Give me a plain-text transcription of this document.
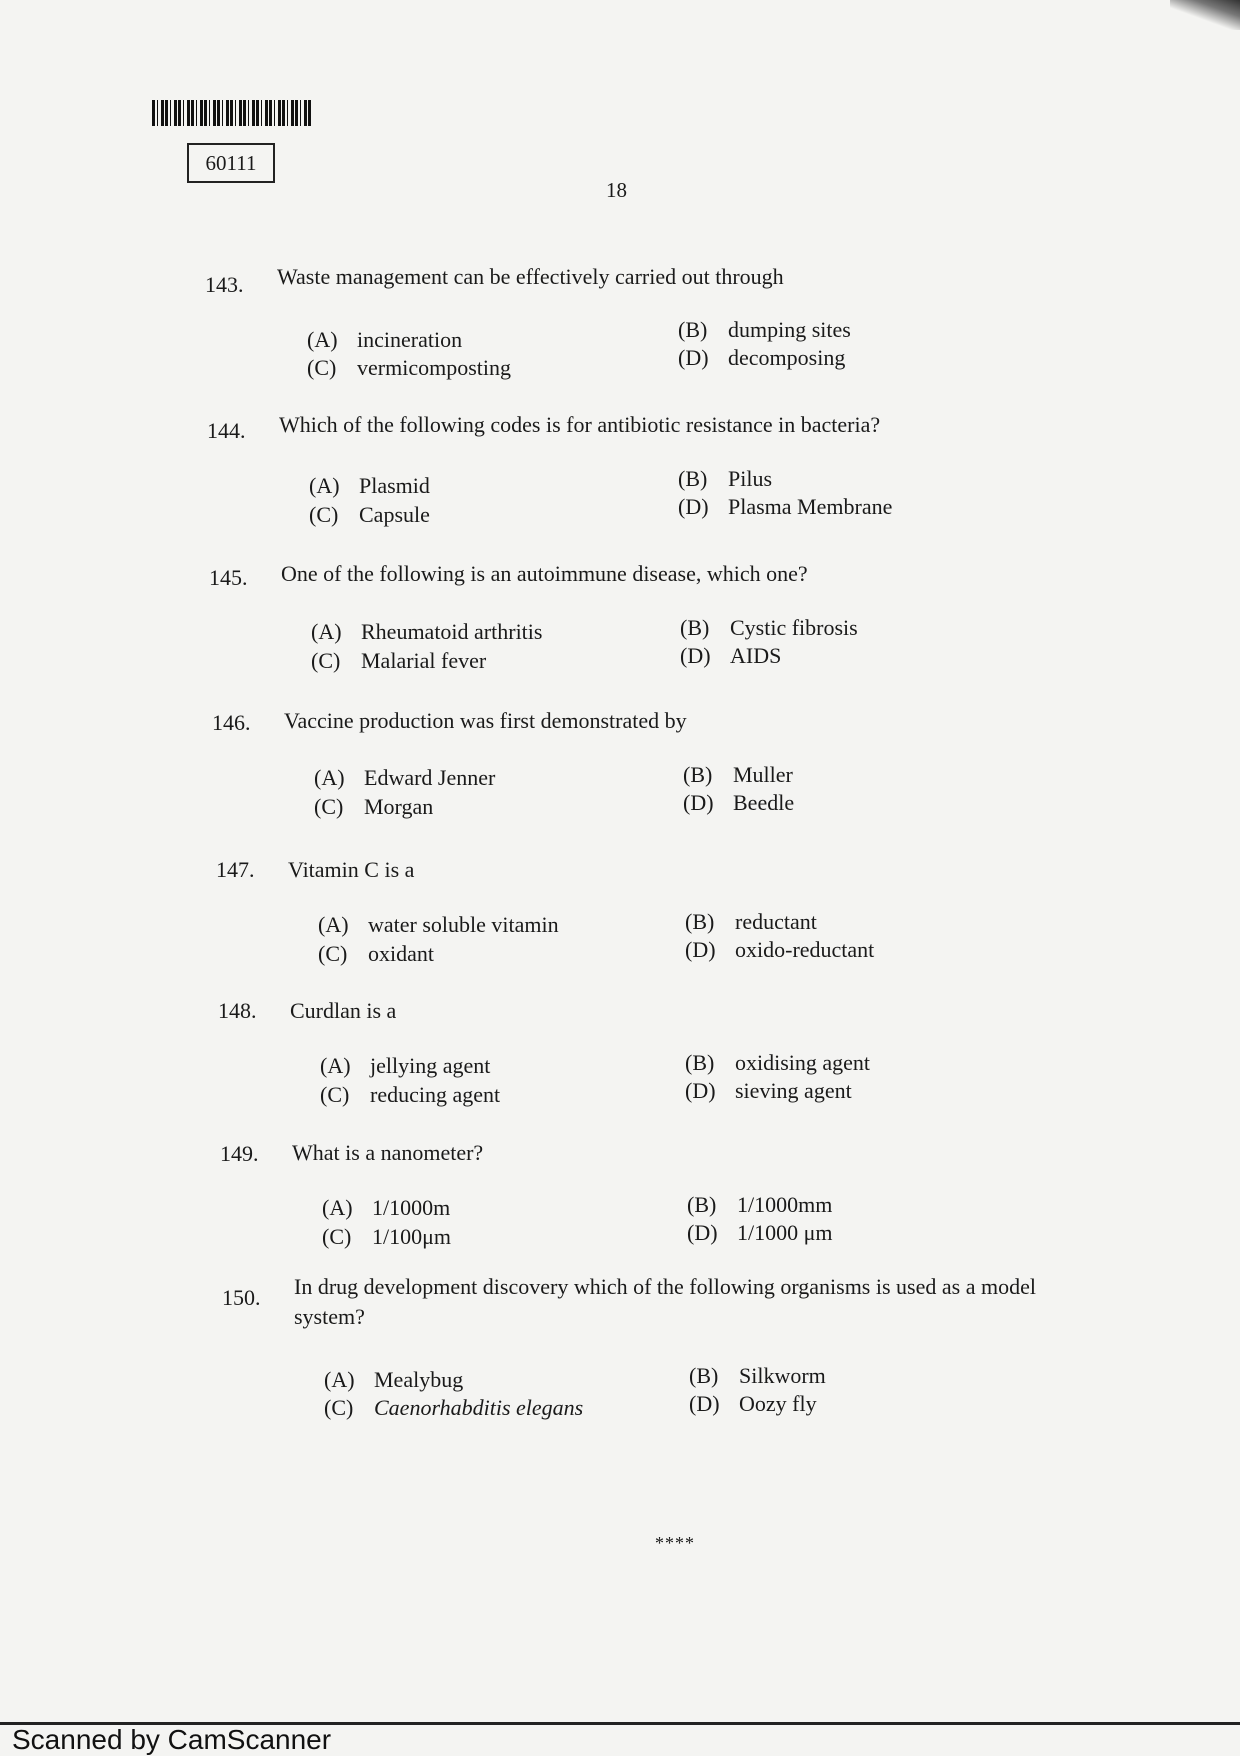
60111
18
143. Waste management can be effectively carried out through
(A) incineration	(B) dumping sites
(C) vermicomposting	(D) decomposing
144. Which of the following codes is for antibiotic resistance in bacteria?
(A) Plasmid	(B) Pilus
(C) Capsule	(D) Plasma Membrane
145. One of the following is an autoimmune disease, which one?
(A) Rheumatoid arthritis	(B) Cystic fibrosis
(C) Malarial fever	(D) AIDS
146. Vaccine production was first demonstrated by
(A) Edward Jenner	(B) Muller
(C) Morgan	(D) Beedle
147. Vitamin C is a
(A) water soluble vitamin	(B) reductant
(C) oxidant	(D) oxido-reductant
148. Curdlan is a
(A) jellying agent	(B) oxidising agent
(C) reducing agent	(D) sieving agent
149. What is a nanometer?
(A) 1/1000m	(B) 1/1000mm
(C) 1/100μm	(D) 1/1000 μm
150. In drug development discovery which of the following organisms is used as a model system?
(A) Mealybug	(B) Silkworm
(C) Caenorhabditis elegans	(D) Oozy fly
****
Scanned by CamScanner
